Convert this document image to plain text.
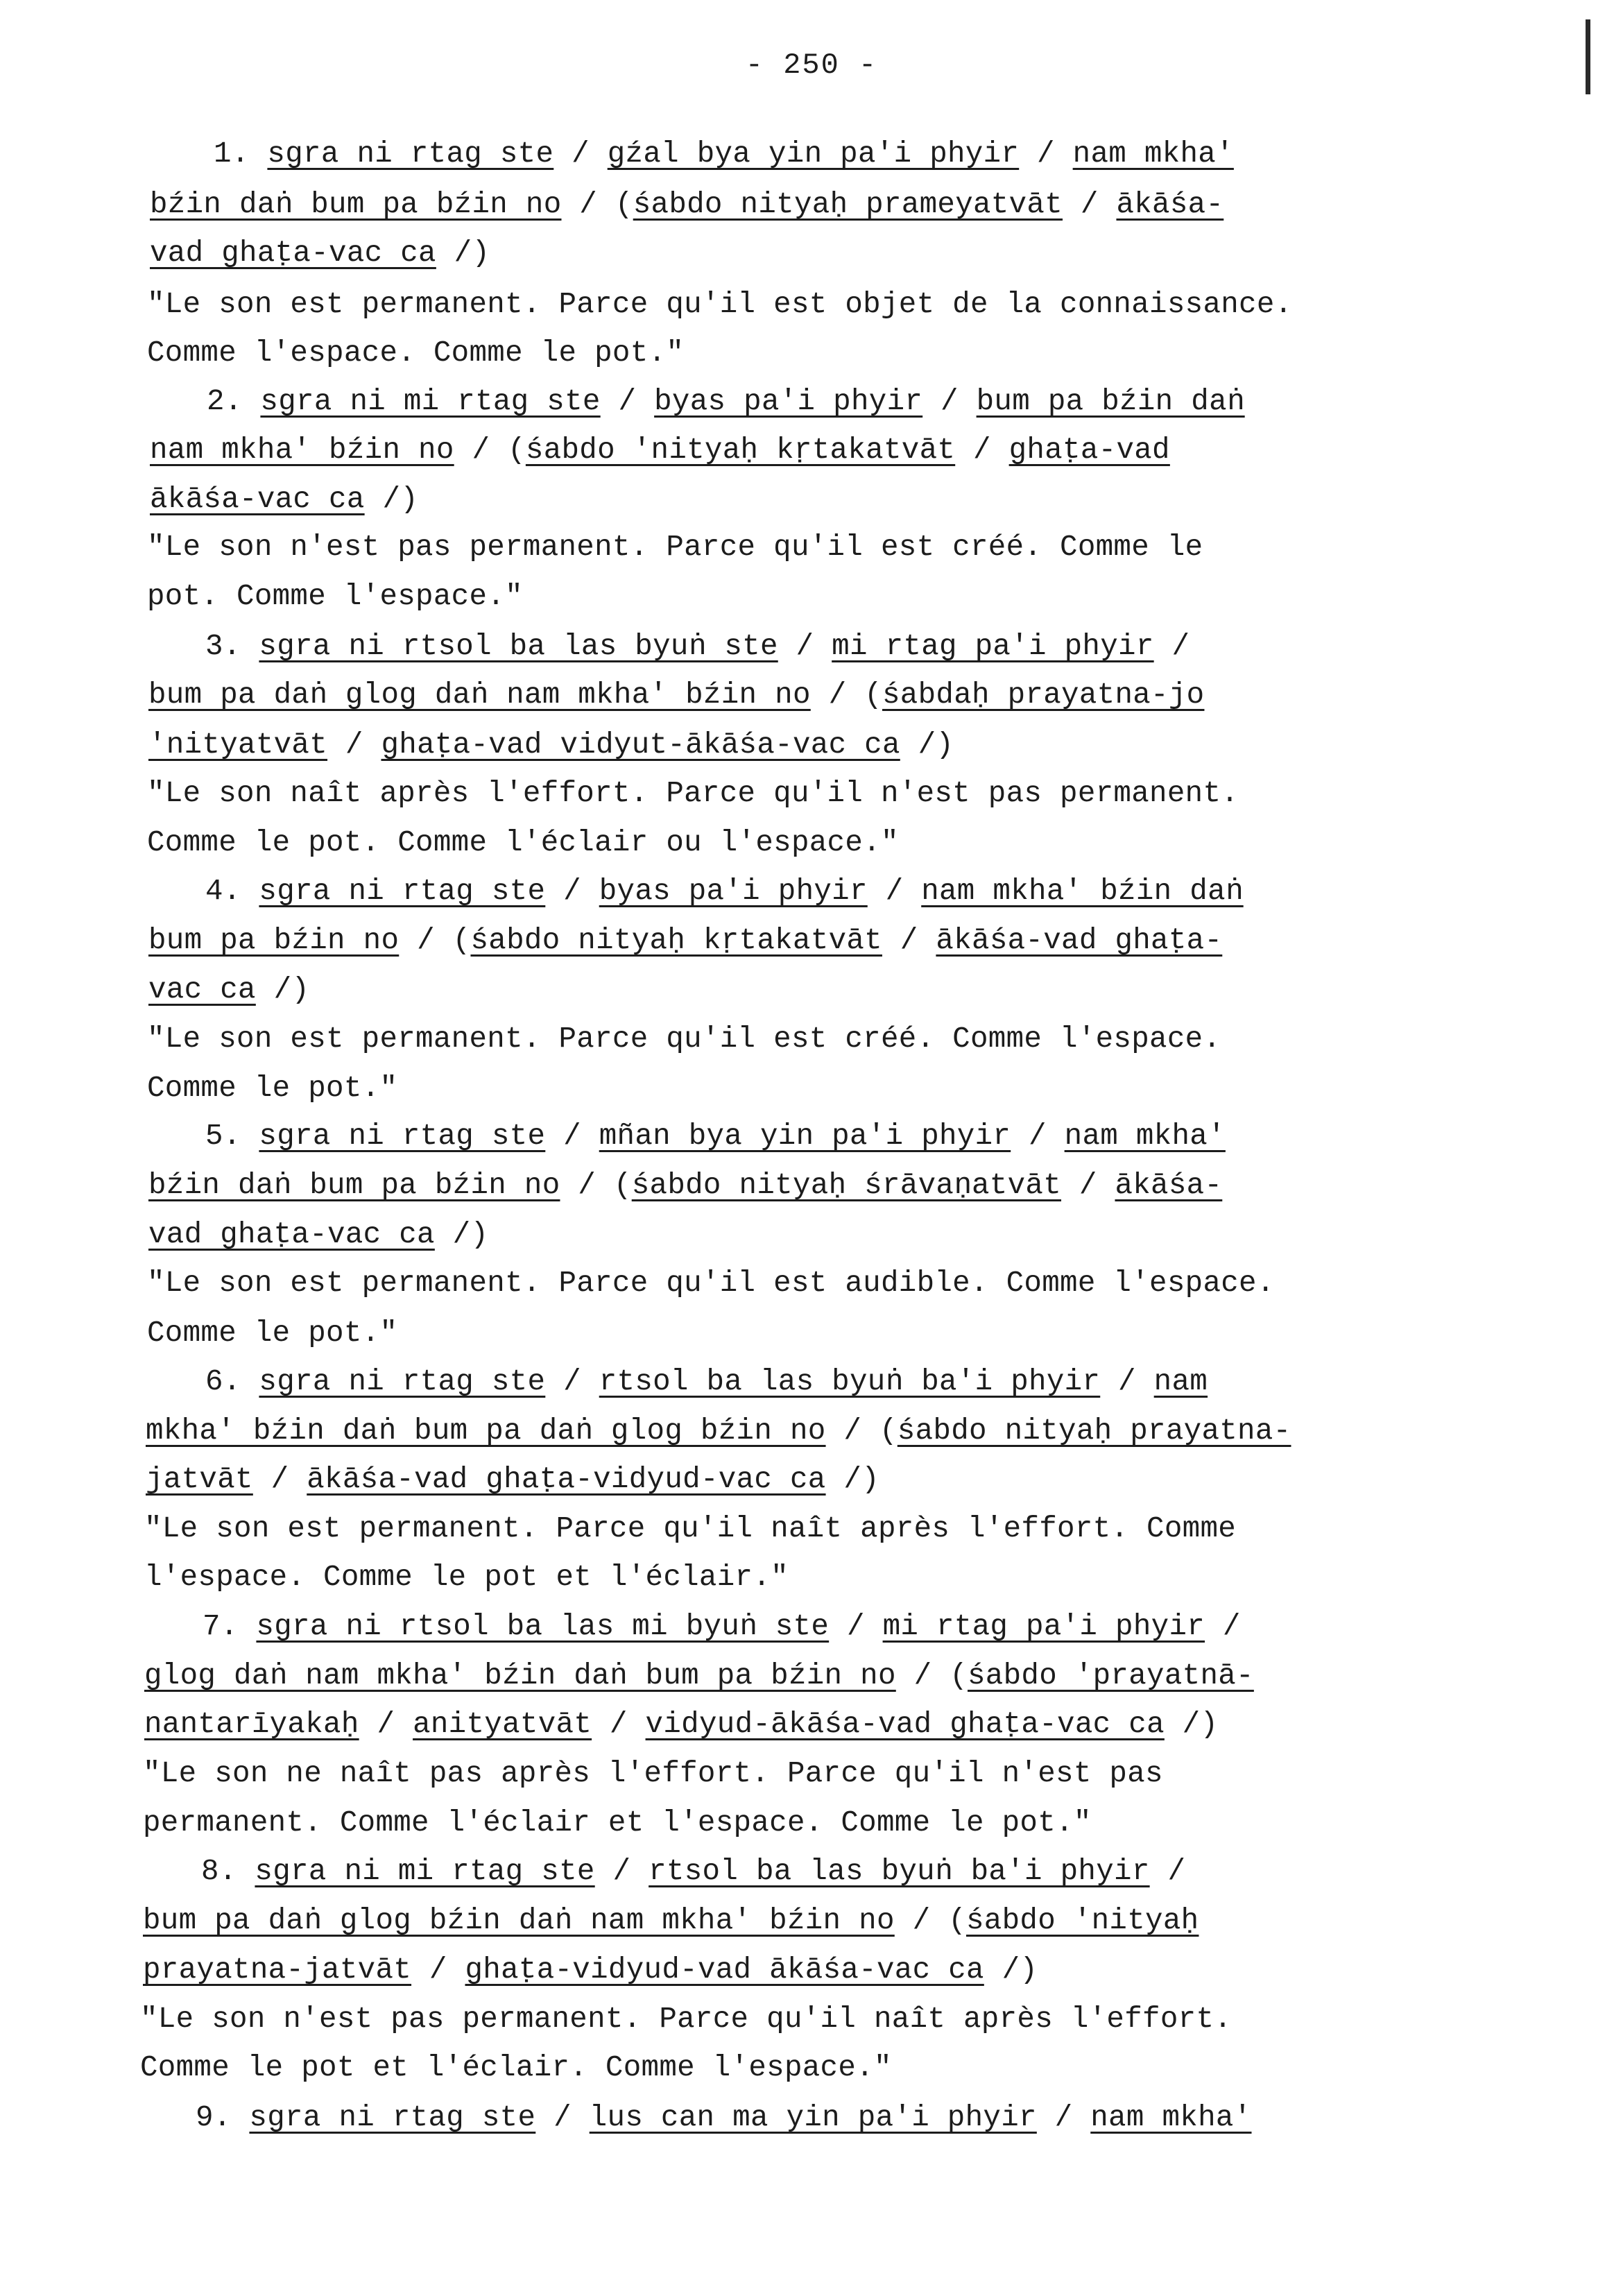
- 250 -
1. sgra ni rtag ste / gźal bya yin pa'i phyir / nam mkha'
bźin daṅ bum pa bźin no / (śabdo nityaḥ prameyatvāt / ākāśa-
vad ghaṭa-vac ca /)
"Le son est permanent. Parce qu'il est objet de la connaissance.
Comme l'espace. Comme le pot."
2. sgra ni mi rtag ste / byas pa'i phyir / bum pa bźin daṅ
nam mkha' bźin no / (śabdo 'nityaḥ kṛtakatvāt / ghaṭa-vad
ākāśa-vac ca /)
"Le son n'est pas permanent. Parce qu'il est créé. Comme le
pot. Comme l'espace."
3. sgra ni rtsol ba las byuṅ ste / mi rtag pa'i phyir /
bum pa daṅ glog daṅ nam mkha' bźin no / (śabdaḥ prayatna-jo
'nityatvāt / ghaṭa-vad vidyut-ākāśa-vac ca /)
"Le son naît après l'effort. Parce qu'il n'est pas permanent.
Comme le pot. Comme l'éclair ou l'espace."
4. sgra ni rtag ste / byas pa'i phyir / nam mkha' bźin daṅ
bum pa bźin no / (śabdo nityaḥ kṛtakatvāt / ākāśa-vad ghaṭa-
vac ca /)
"Le son est permanent. Parce qu'il est créé. Comme l'espace.
Comme le pot."
5. sgra ni rtag ste / mñan bya yin pa'i phyir / nam mkha'
bźin daṅ bum pa bźin no / (śabdo nityaḥ śrāvaṇatvāt / ākāśa-
vad ghaṭa-vac ca /)
"Le son est permanent. Parce qu'il est audible. Comme l'espace.
Comme le pot."
6. sgra ni rtag ste / rtsol ba las byuṅ ba'i phyir / nam
mkha' bźin daṅ bum pa daṅ glog bźin no / (śabdo nityaḥ prayatna-
jatvāt / ākāśa-vad ghaṭa-vidyud-vac ca /)
"Le son est permanent. Parce qu'il naît après l'effort. Comme
l'espace. Comme le pot et l'éclair."
7. sgra ni rtsol ba las mi byuṅ ste / mi rtag pa'i phyir /
glog daṅ nam mkha' bźin daṅ bum pa bźin no / (śabdo 'prayatnā-
nantarīyakaḥ / anityatvāt / vidyud-ākāśa-vad ghaṭa-vac ca /)
"Le son ne naît pas après l'effort. Parce qu'il n'est pas
permanent. Comme l'éclair et l'espace. Comme le pot."
8. sgra ni mi rtag ste / rtsol ba las byuṅ ba'i phyir /
bum pa daṅ glog bźin daṅ nam mkha' bźin no / (śabdo 'nityaḥ
prayatna-jatvāt / ghaṭa-vidyud-vad ākāśa-vac ca /)
"Le son n'est pas permanent. Parce qu'il naît après l'effort.
Comme le pot et l'éclair. Comme l'espace."
9. sgra ni rtag ste / lus can ma yin pa'i phyir / nam mkha'
